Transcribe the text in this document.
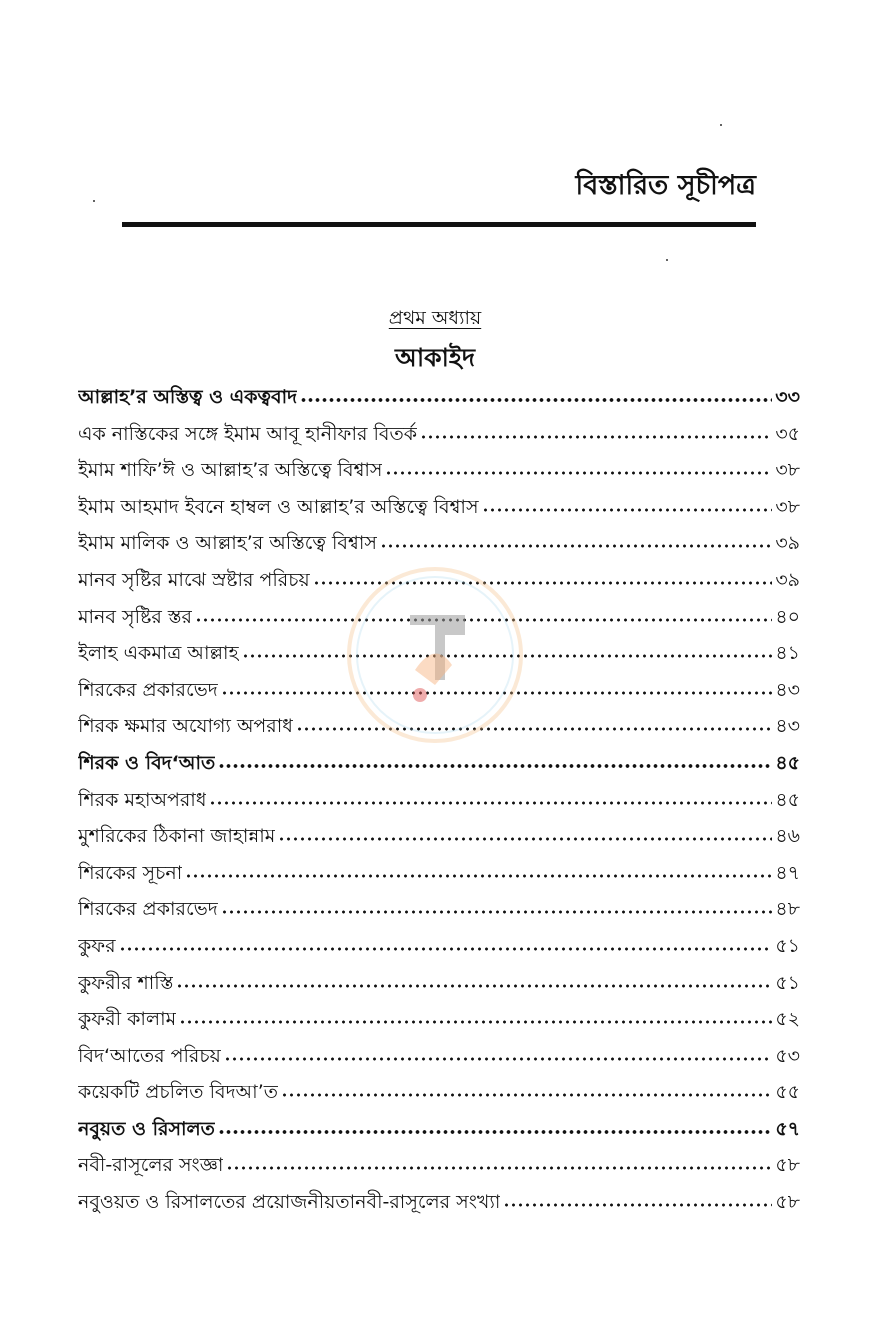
বিস্তারিত সূচীপত্র
প্রথম অধ্যায়
আকাইদ
আল্লাহ’র অস্তিত্ব ও একত্ববাদ	৩৩
এক নাস্তিকের সঙ্গে ইমাম আবূ হানীফার বিতর্ক	৩৫
ইমাম শাফি’ঈ ও আল্লাহ’র অস্তিত্বে বিশ্বাস	৩৮
ইমাম আহমাদ ইবনে হাম্বল ও আল্লাহ’র অস্তিত্বে বিশ্বাস	৩৮
ইমাম মালিক ও আল্লাহ’র অস্তিত্বে বিশ্বাস	৩৯
মানব সৃষ্টির মাঝে স্রষ্টার পরিচয়	৩৯
মানব সৃষ্টির স্তর	৪০
ইলাহ একমাত্র আল্লাহ	৪১
শিরকের প্রকারভেদ	৪৩
শিরক ক্ষমার অযোগ্য অপরাধ	৪৩
শিরক ও বিদ‘আত	৪৫
শিরক মহাঅপরাধ	৪৫
মুশরিকের ঠিকানা জাহান্নাম	৪৬
শিরকের সূচনা	৪৭
শিরকের প্রকারভেদ	৪৮
কুফর	৫১
কুফরীর শাস্তি	৫১
কুফরী কালাম	৫২
বিদ‘আতের পরিচয়	৫৩
কয়েকটি প্রচলিত বিদআ’ত	৫৫
নবুয়ত ও রিসালত	৫৭
নবী-রাসূলের সংজ্ঞা	৫৮
নবুওয়ত ও রিসালতের প্রয়োজনীয়তানবী-রাসূলের সংখ্যা	৫৮
